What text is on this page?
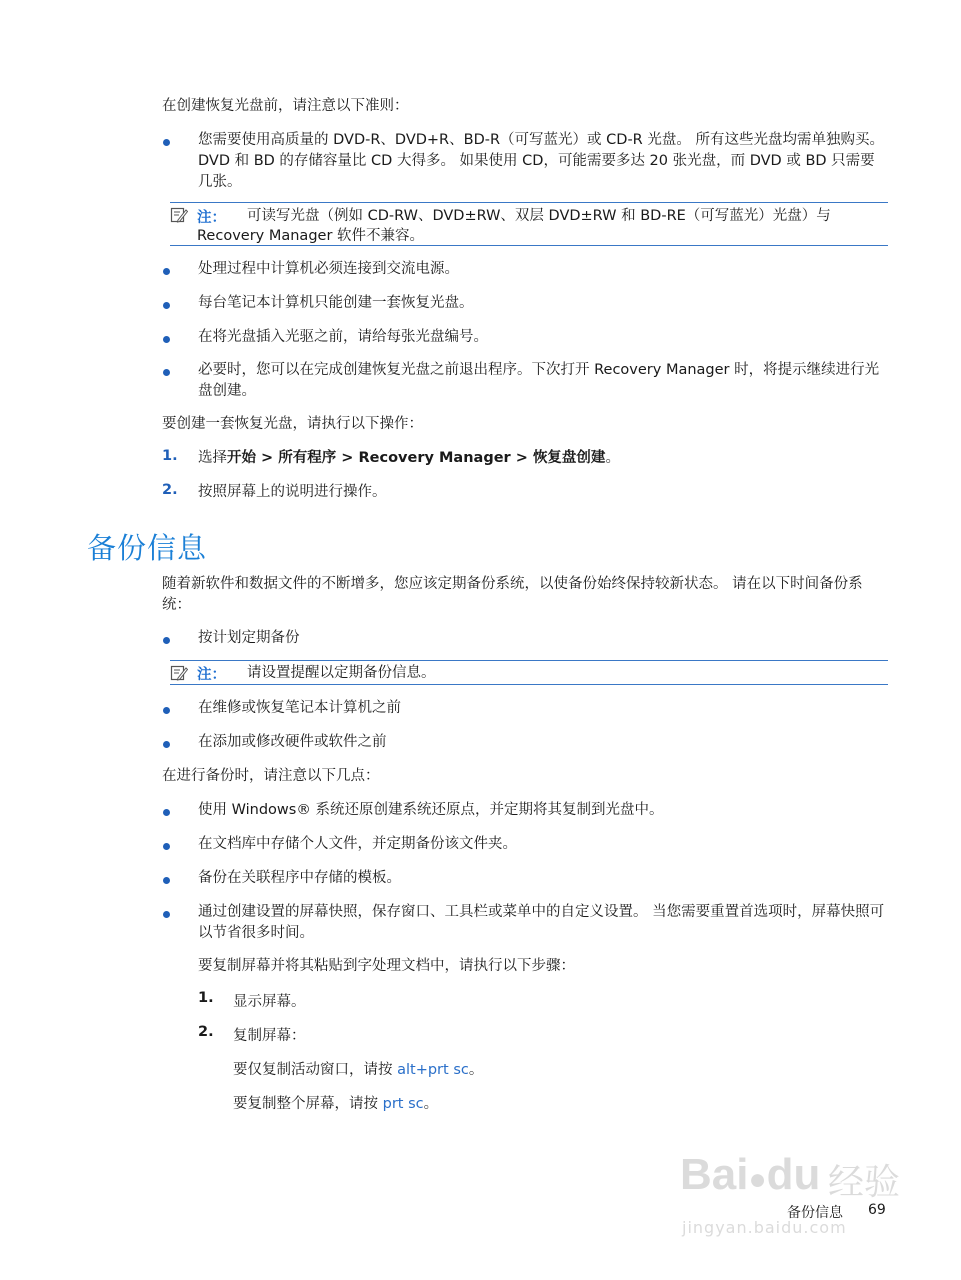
在创建恢复光盘前，请注意以下准则：
您需要使用高质量的 DVD-R、DVD+R、BD-R（可写蓝光）或 CD-R 光盘。 所有这些光盘均需单独购买。 DVD 和 BD 的存储容量比 CD 大得多。 如果使用 CD，可能需要多达 20 张光盘，而 DVD 或 BD 只需要几张。
注：	可读写光盘（例如 CD-RW、DVD±RW、双层 DVD±RW 和 BD-RE（可写蓝光）光盘）与 Recovery Manager 软件不兼容。
处理过程中计算机必须连接到交流电源。
每台笔记本计算机只能创建一套恢复光盘。
在将光盘插入光驱之前，请给每张光盘编号。
必要时，您可以在完成创建恢复光盘之前退出程序。下次打开 Recovery Manager 时，将提示继续进行光盘创建。
要创建一套恢复光盘，请执行以下操作：
1. 选择开始 > 所有程序 > Recovery Manager > 恢复盘创建。
2. 按照屏幕上的说明进行操作。
备份信息
随着新软件和数据文件的不断增多，您应该定期备份系统，以使备份始终保持较新状态。 请在以下时间备份系统：
按计划定期备份
注： 请设置提醒以定期备份信息。
在维修或恢复笔记本计算机之前
在添加或修改硬件或软件之前
在进行备份时，请注意以下几点：
使用 Windows® 系统还原创建系统还原点，并定期将其复制到光盘中。
在文档库中存储个人文件，并定期备份该文件夹。
备份在关联程序中存储的模板。
通过创建设置的屏幕快照，保存窗口、工具栏或菜单中的自定义设置。 当您需要重置首选项时，屏幕快照可以节省很多时间。
要复制屏幕并将其粘贴到字处理文档中，请执行以下步骤：
1. 显示屏幕。
2. 复制屏幕：
要仅复制活动窗口，请按 alt+prt sc。
要复制整个屏幕，请按 prt sc。
Bai●du 经验
jingyan.baidu.com
备份信息 69
